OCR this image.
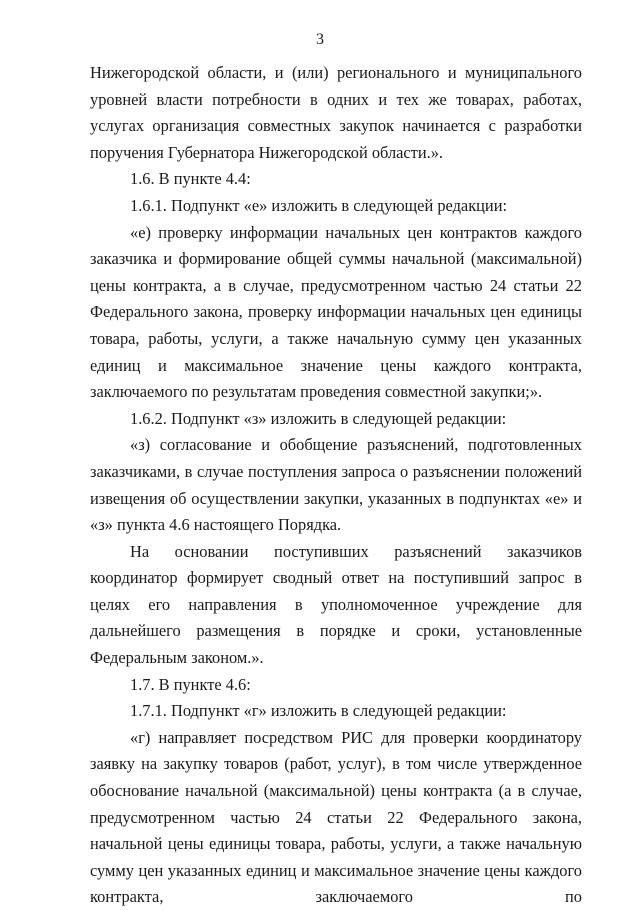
3

Нижегородской области, и (или) регионального и муниципального уровней власти потребности в одних и тех же товарах, работах, услугах организация совместных закупок начинается с разработки поручения Губернатора Нижегородской области.».

1.6. В пункте 4.4:

1.6.1. Подпункт «е» изложить в следующей редакции:

«е) проверку информации начальных цен контрактов каждого заказчика и формирование общей суммы начальной (максимальной) цены контракта, а в случае, предусмотренном частью 24 статьи 22 Федерального закона, проверку информации начальных цен единицы товара, работы, услуги, а также начальную сумму цен указанных единиц и максимальное значение цены каждого контракта, заключаемого по результатам проведения совместной закупки;».

1.6.2. Подпункт «з» изложить в следующей редакции:

«з) согласование и обобщение разъяснений, подготовленных заказчиками, в случае поступления запроса о разъяснении положений извещения об осуществлении закупки, указанных в подпунктах «е» и «з» пункта 4.6 настоящего Порядка.

На основании поступивших разъяснений заказчиков координатор формирует сводный ответ на поступивший запрос в целях его направления в уполномоченное учреждение для дальнейшего размещения в порядке и сроки, установленные Федеральным законом.».

1.7. В пункте 4.6:

1.7.1. Подпункт «г» изложить в следующей редакции:

«г) направляет посредством РИС для проверки координатору заявку на закупку товаров (работ, услуг), в том числе утвержденное обоснование начальной (максимальной) цены контракта (а в случае, предусмотренном частью 24 статьи 22 Федерального закона, начальной цены единицы товара, работы, услуги, а также начальную сумму цен указанных единиц и максимальное значение цены каждого контракта, заключаемого по
